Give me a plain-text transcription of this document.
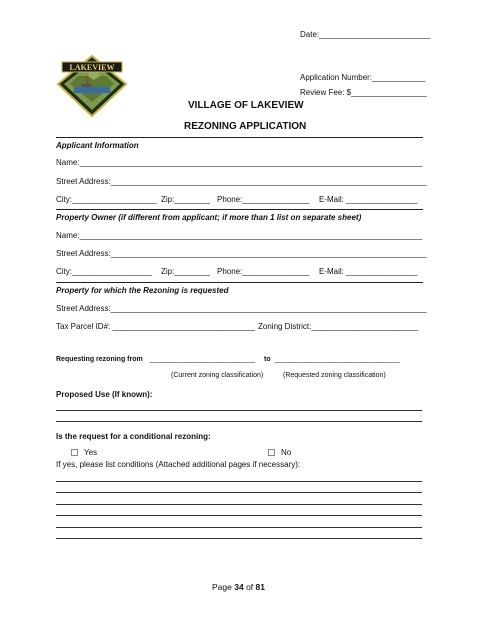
Date:_________________________
Application Number:____________
Review Fee: $_________________
LAKEVIEW
VILLAGE OF LAKEVIEW
REZONING APPLICATION
Applicant Information
Name:_____________________________________________________________________________
Street Address:_______________________________________________________________________
City:___________________ Zip:________ Phone:_______________ E-Mail: ________________
Property Owner (if different from applicant; if more than 1 list on separate sheet)
Name:_____________________________________________________________________________
Street Address:_______________________________________________________________________
City:__________________ Zip:________ Phone:_______________ E-Mail: ________________
Property for which the Rezoning is requested
Street Address:_______________________________________________________________________
Tax Parcel ID#: ________________________________ Zoning District:________________________
Requesting rezoning from ___________________________ to ________________________________
(Current zoning classification)	(Requested zoning classification)
Proposed Use (If known):
Is the request for a conditional rezoning:
Yes	No
If yes, please list conditions (Attached additional pages if necessary):
Page 34 of 81
